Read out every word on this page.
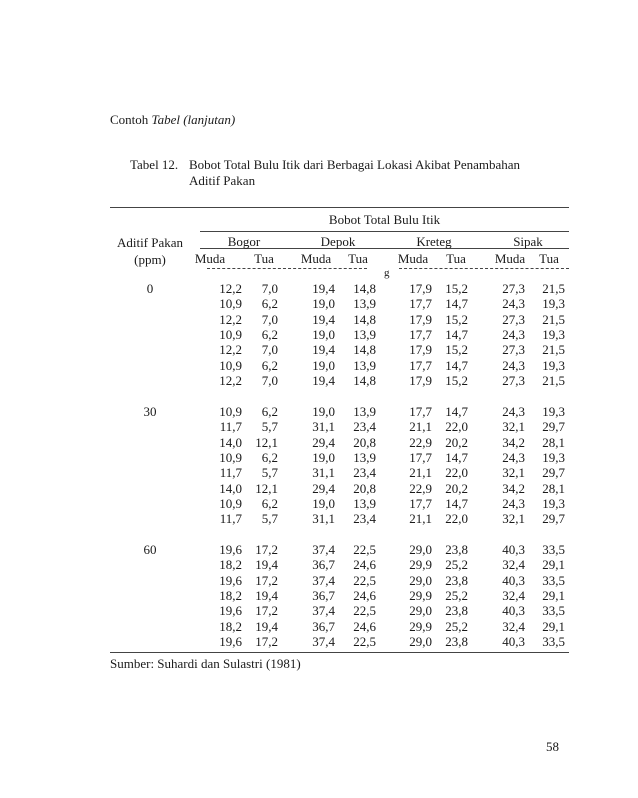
Contoh Tabel (lanjutan)
Tabel 12. Bobot Total Bulu Itik dari Berbagai Lokasi Akibat Penambahan
Aditif Pakan
g
Bobot Total Bulu Itik
Aditif Pakan
(ppm)
Bogor	Depok	Kreteg	Sipak
Muda	Tua	Muda	Tua	Muda	Tua	Muda	Tua
0	12,2	7,0	19,4	14,8	17,9	15,2	27,3	21,5
10,9	6,2	19,0	13,9	17,7	14,7	24,3	19,3
12,2	7,0	19,4	14,8	17,9	15,2	27,3	21,5
10,9	6,2	19,0	13,9	17,7	14,7	24,3	19,3
12,2	7,0	19,4	14,8	17,9	15,2	27,3	21,5
10,9	6,2	19,0	13,9	17,7	14,7	24,3	19,3
12,2	7,0	19,4	14,8	17,9	15,2	27,3	21,5
30	10,9	6,2	19,0	13,9	17,7	14,7	24,3	19,3
11,7	5,7	31,1	23,4	21,1	22,0	32,1	29,7
14,0	12,1	29,4	20,8	22,9	20,2	34,2	28,1
10,9	6,2	19,0	13,9	17,7	14,7	24,3	19,3
11,7	5,7	31,1	23,4	21,1	22,0	32,1	29,7
14,0	12,1	29,4	20,8	22,9	20,2	34,2	28,1
10,9	6,2	19,0	13,9	17,7	14,7	24,3	19,3
11,7	5,7	31,1	23,4	21,1	22,0	32,1	29,7
60	19,6	17,2	37,4	22,5	29,0	23,8	40,3	33,5
18,2	19,4	36,7	24,6	29,9	25,2	32,4	29,1
19,6	17,2	37,4	22,5	29,0	23,8	40,3	33,5
18,2	19,4	36,7	24,6	29,9	25,2	32,4	29,1
19,6	17,2	37,4	22,5	29,0	23,8	40,3	33,5
18,2	19,4	36,7	24,6	29,9	25,2	32,4	29,1
19,6	17,2	37,4	22,5	29,0	23,8	40,3	33,5
Sumber: Suhardi dan Sulastri (1981)
58
